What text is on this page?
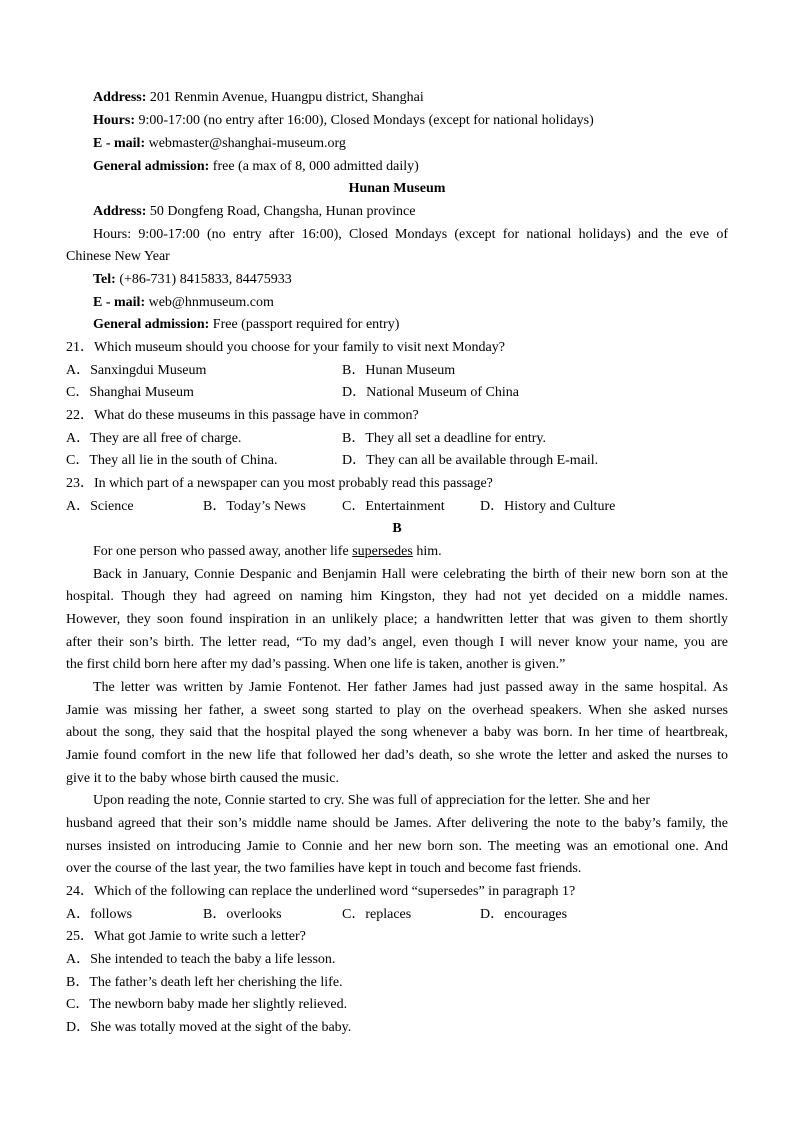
Address: 201 Renmin Avenue, Huangpu district, Shanghai
Hours: 9:00-17:00 (no entry after 16:00), Closed Mondays (except for national holidays)
E - mail: webmaster@shanghai-museum.org
General admission: free (a max of 8, 000 admitted daily)
Hunan Museum
Address: 50 Dongfeng Road, Changsha, Hunan province
Hours: 9:00-17:00 (no entry after 16:00), Closed Mondays (except for national holidays) and the eve of
Chinese New Year
Tel: (+86-731) 8415833, 84475933
E - mail: web@hnmuseum.com
General admission: Free (passport required for entry)
21．Which museum should you choose for your family to visit next Monday?
A．Sanxingdui Museum	B．Hunan Museum
C．Shanghai Museum	D．National Museum of China
22．What do these museums in this passage have in common?
A．They are all free of charge.	B．They all set a deadline for entry.
C．They all lie in the south of China.	D．They can all be available through E-mail.
23．In which part of a newspaper can you most probably read this passage?
A．Science	B．Today’s News	C．Entertainment	D．History and Culture
B
For one person who passed away, another life supersedes him.
Back in January, Connie Despanic and Benjamin Hall were celebrating the birth of their new born son at the
hospital. Though they had agreed on naming him Kingston, they had not yet decided on a middle names.
However, they soon found inspiration in an unlikely place; a handwritten letter that was given to them shortly
after their son’s birth. The letter read, “To my dad’s angel, even though I will never know your name, you are
the first child born here after my dad’s passing. When one life is taken, another is given.”
The letter was written by Jamie Fontenot. Her father James had just passed away in the same hospital. As
Jamie was missing her father, a sweet song started to play on the overhead speakers. When she asked nurses
about the song, they said that the hospital played the song whenever a baby was born. In her time of heartbreak,
Jamie found comfort in the new life that followed her dad’s death, so she wrote the letter and asked the nurses to
give it to the baby whose birth caused the music.
Upon reading the note, Connie started to cry. She was full of appreciation for the letter. She and her
husband agreed that their son’s middle name should be James. After delivering the note to the baby’s family, the
nurses insisted on introducing Jamie to Connie and her new born son. The meeting was an emotional one. And
over the course of the last year, the two families have kept in touch and become fast friends.
24．Which of the following can replace the underlined word “supersedes” in paragraph 1?
A．follows	B．overlooks	C．replaces	D．encourages
25．What got Jamie to write such a letter?
A．She intended to teach the baby a life lesson.
B．The father’s death left her cherishing the life.
C．The newborn baby made her slightly relieved.
D．She was totally moved at the sight of the baby.
